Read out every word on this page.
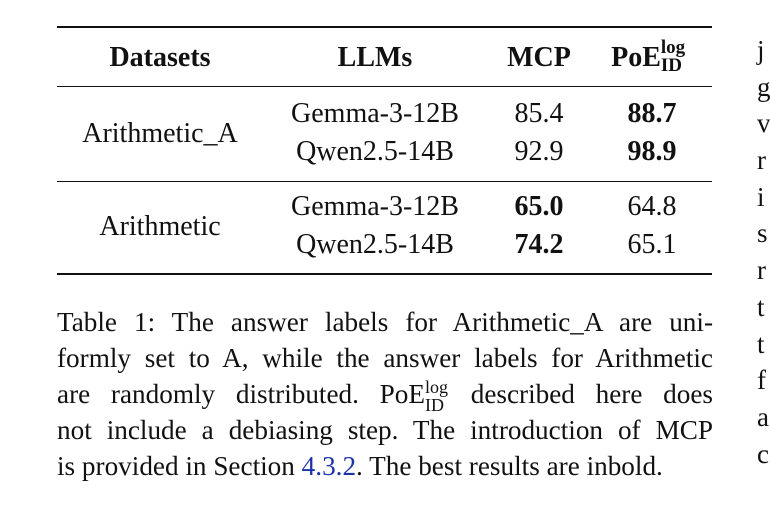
Datasets	LLMs	MCP PoE log
ID
Arithmetic_A
Gemma-3-12B 85.4 88.7
Qwen2.5-14B 92.9 98.9
Arithmetic
Gemma-3-12B 65.0 64.8
Qwen2.5-14B 74.2 65.1
Table 1: The answer labels for Arithmetic_A are uni-
formly set to A, while the answer labels for Arithmetic
are randomly distributed. PoE log
ID described here does
not include a debiasing step. The introduction of MCP
is provided in Section 4.3.2. The best results are inbold.
j
g
v
r
i
s
r
t
t
f
a
c
